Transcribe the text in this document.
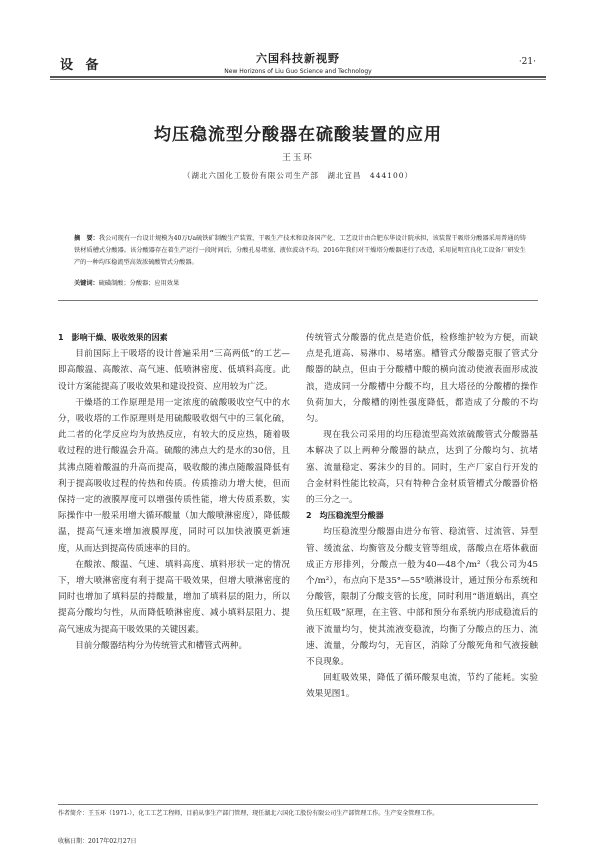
设 备	六国科技新视野
New Horizons of Liu Guo Science and Technology
·21·
均压稳流型分酸器在硫酸装置的应用
王玉环
（湖北六国化工股份有限公司生产部　湖北宜昌　444100）
摘　要：我公司现有一台设计规模为40万t/a硫铁矿制酸生产装置，干吸生产技术和设备国产化、工艺设计由合肥东华设计院承担，该装置干吸塔分酸器采用普通的铸铁材质槽式分酸器。该分酸器存在着生产运行一段时间后，分酸孔易堵塞、液位波动不均。2016年我们对干燥塔分酸器进行了改造，采用昆明宜良化工设备厂研发生产的一种均压稳流型高效浓硫酸管式分酸器。
关键词：硫磺制酸；分酸器；应用效果

1　影响干燥、吸收效果的因素

目前国际上干吸塔的设计普遍采用“三高两低”的工艺—即高酸温、高酸浓、高气速、低喷淋密度、低填料高度。此设计方案能提高了吸收效果和建设投资、应用较为广泛。

干燥塔的工作原理是用一定浓度的硫酸吸收空气中的水分，吸收塔的工作原理则是用硫酸吸收烟气中的三氧化硫，此二者的化学反应均为放热反应，有较大的反应热，随着吸收过程的进行酸温会升高。硫酸的沸点大约是水的30倍，且其沸点随着酸温的升高而提高，吸收酸的沸点随酸温降低有利于提高吸收过程的传热和传质。传质推动力增大使，但而保持一定的液膜厚度可以增强传质性能，增大传质系数，实际操作中一般采用增大循环酸量（加大酸喷淋密度），降低酸温，提高气速来增加液膜厚度，同时可以加快液膜更新速度，从而达到提高传质速率的目的。

在酸浓、酸温、气速、填料高度、填料形状一定的情况下，增大喷淋密度有利于提高干吸效果，但增大喷淋密度的同时也增加了填料层的持酸量，增加了填料层的阻力，所以提高分酸均匀性，从而降低喷淋密度、减小填料层阻力、提高气速成为提高干吸效果的关键因素。

目前分酸器结构分为传统管式和槽管式两种。

传统管式分酸器的优点是造价低，检修维护较为方便，而缺点是孔道高、易淋巾、易堵塞。槽管式分酸器克服了管式分酸器的缺点，但由于分酸槽中酸的横向流动使液表面形成波浪，造成同一分酸槽中分酸不均，且大塔径的分酸槽的操作负荷加大，分酸槽的刚性强度降低，都造成了分酸的不均匀。

现在我公司采用的均压稳流型高效浓硫酸管式分酸器基本解决了以上两种分酸器的缺点，达到了分酸均匀、抗堵塞、流量稳定、雾沫少的目的。同时，生产厂家自行开发的合金材料性能比较高，只有特种合金材质管槽式分酸器价格的三分之一。

2　均压稳流型分酸器

均压稳流型分酸器由进分布管、稳流管、过流管、异型管、缓流盆、均衡管及分酸支管等组成，落酸点在塔体截面成正方形排列，分酸点一般为40—48个/m²（我公司为45个/m²），布点向下是35°—55°喷淋设计，通过预分布系统和分酸管，限制了分酸支管的长度，同时利用“谐道蜗出，真空负压虹吸”原理，在主管、中部和预分布系统内形成稳流后的液下流量均匀，使其流液变稳流，均衡了分酸点的压力、流速、流量，分酸均匀，无盲区，消除了分酸死角和气液接触不良现象。

回虹吸效果，降低了循环酸泵电流，节约了能耗。实验效果见图1。

作者简介：王玉环（1971-），化工工艺工程师，目前从事生产部门管理，现任湖北六国化工股份有限公司生产部管理工作。生产安全管理工作。
收稿日期：2017年02月27日
